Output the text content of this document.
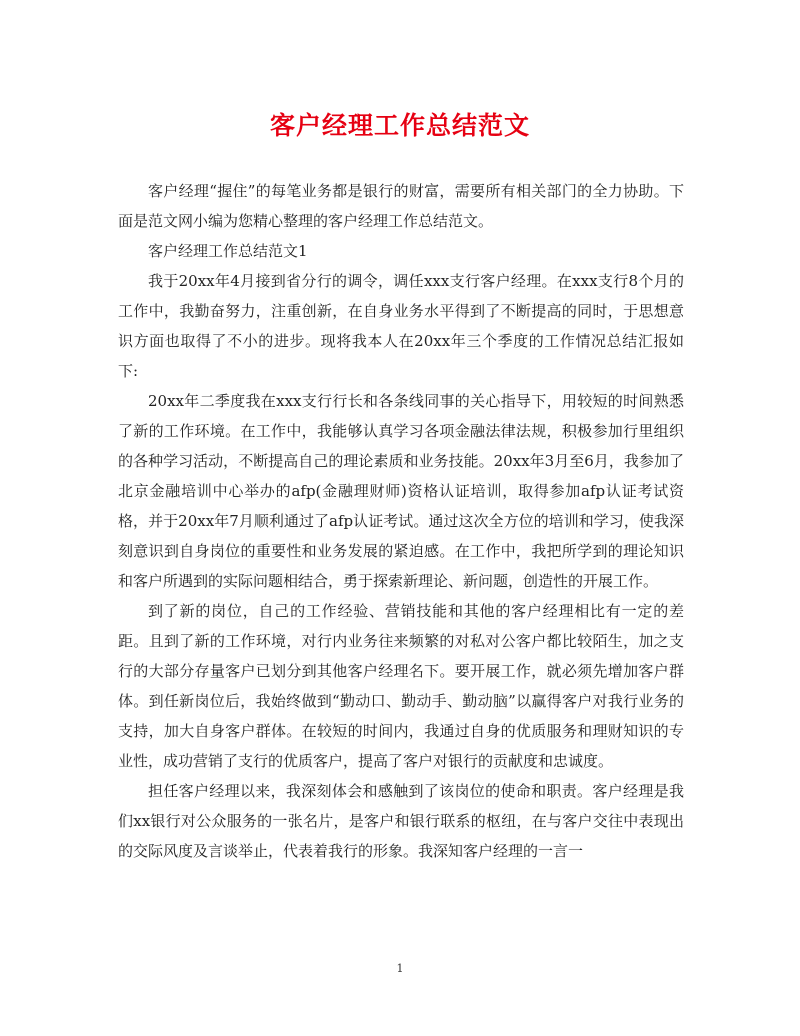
客户经理工作总结范文

客户经理“握住”的每笔业务都是银行的财富，需要所有相关部门的全力协助。下面是范文网小编为您精心整理的客户经理工作总结范文。

客户经理工作总结范文1

我于20xx年4月接到省分行的调令，调任xxx支行客户经理。在xxx支行8个月的工作中，我勤奋努力，注重创新，在自身业务水平得到了不断提高的同时，于思想意识方面也取得了不小的进步。现将我本人在20xx年三个季度的工作情况总结汇报如下:

20xx年二季度我在xxx支行行长和各条线同事的关心指导下，用较短的时间熟悉了新的工作环境。在工作中，我能够认真学习各项金融法律法规，积极参加行里组织的各种学习活动，不断提高自己的理论素质和业务技能。20xx年3月至6月，我参加了北京金融培训中心举办的afp(金融理财师)资格认证培训，取得参加afp认证考试资格，并于20xx年7月顺利通过了afp认证考试。通过这次全方位的培训和学习，使我深刻意识到自身岗位的重要性和业务发展的紧迫感。在工作中，我把所学到的理论知识和客户所遇到的实际问题相结合，勇于探索新理论、新问题，创造性的开展工作。

到了新的岗位，自己的工作经验、营销技能和其他的客户经理相比有一定的差距。且到了新的工作环境，对行内业务往来频繁的对私对公客户都比较陌生，加之支行的大部分存量客户已划分到其他客户经理名下。要开展工作，就必须先增加客户群体。到任新岗位后，我始终做到“勤动口、勤动手、勤动脑”以赢得客户对我行业务的支持，加大自身客户群体。在较短的时间内，我通过自身的优质服务和理财知识的专业性，成功营销了支行的优质客户，提高了客户对银行的贡献度和忠诚度。

担任客户经理以来，我深刻体会和感触到了该岗位的使命和职责。客户经理是我们xx银行对公众服务的一张名片，是客户和银行联系的枢纽，在与客户交往中表现出的交际风度及言谈举止，代表着我行的形象。我深知客户经理的一言一

1
